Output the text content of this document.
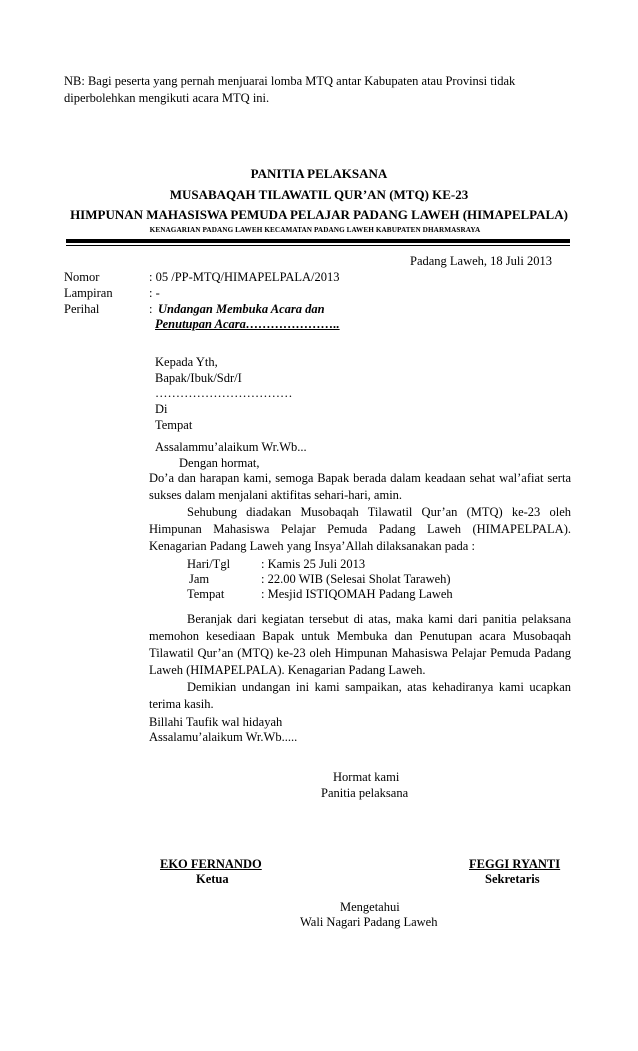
NB: Bagi peserta yang pernah menjuarai lomba MTQ antar Kabupaten atau Provinsi tidak diperbolehkan mengikuti acara MTQ ini.
PANITIA PELAKSANA
MUSABAQAH TILAWATIL QUR’AN (MTQ) KE-23
HIMPUNAN MAHASISWA PEMUDA PELAJAR PADANG LAWEH (HIMAPELPALA)
KENAGARIAN PADANG LAWEH KECAMATAN PADANG LAWEH KABUPATEN DHARMASRAYA
Padang Laweh, 18 Juli 2013
Nomor	: 05 /PP-MTQ/HIMAPELPALA/2013
Lampiran	: -
Perihal	: Undangan Membuka Acara dan
Penutupan Acara…………………..
Kepada Yth,
Bapak/Ibuk/Sdr/I
……………………………
Di
Tempat
Assalammu’alaikum Wr.Wb...
Dengan hormat,
Do’a dan harapan kami, semoga Bapak berada dalam keadaan sehat wal’afiat serta
sukses dalam menjalani aktifitas sehari-hari, amin.
Sehubung diadakan Musobaqah Tilawatil Qur’an (MTQ) ke-23 oleh
Himpunan Mahasiswa Pelajar Pemuda Padang Laweh (HIMAPELPALA).
Kenagarian Padang Laweh yang Insya’Allah dilaksanakan pada :
Hari/Tgl : Kamis 25 Juli 2013
Jam	: 22.00 WIB (Selesai Sholat Taraweh)
Tempat	: Mesjid ISTIQOMAH Padang Laweh
Beranjak dari kegiatan tersebut di atas, maka kami dari panitia pelaksana
memohon kesediaan Bapak untuk Membuka dan Penutupan acara Musobaqah
Tilawatil Qur’an (MTQ) ke-23 oleh Himpunan Mahasiswa Pelajar Pemuda Padang
Laweh (HIMAPELPALA). Kenagarian Padang Laweh.
Demikian undangan ini kami sampaikan, atas kehadiranya kami ucapkan
terima kasih.
Billahi Taufik wal hidayah
Assalamu’alaikum Wr.Wb.....
Hormat kami
Panitia pelaksana
EKO FERNANDO
Ketua
FEGGI RYANTI
Sekretaris
Mengetahui
Wali Nagari Padang Laweh
